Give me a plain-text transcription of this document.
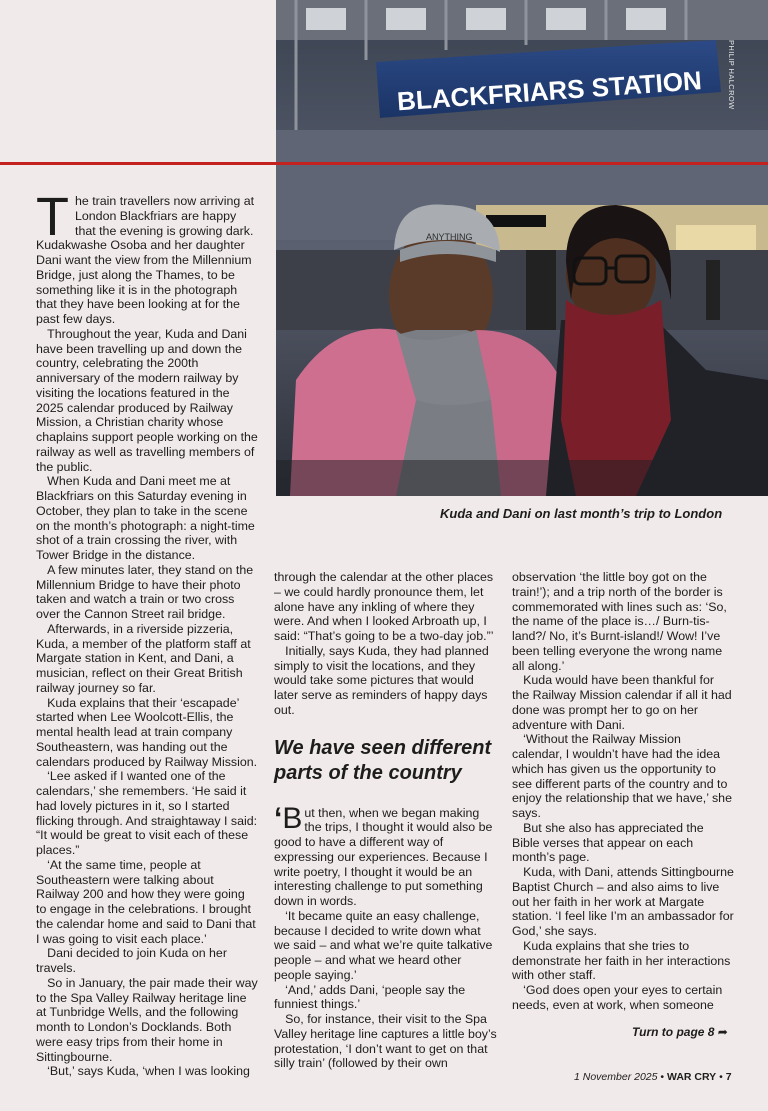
BLACKFRIARS STATION
ANYTHING
PHILIP HALCROW
Kuda and Dani on last month’s trip to London

The train travellers now arriving at London Blackfriars are happy that the evening is growing dark. Kudakwashe Osoba and her daughter Dani want the view from the Millennium Bridge, just along the Thames, to be something like it is in the photograph that they have been looking at for the past few days.

Throughout the year, Kuda and Dani have been travelling up and down the country, celebrating the 200th anniversary of the modern railway by visiting the locations featured in the 2025 calendar produced by Railway Mission, a Christian charity whose chaplains support people working on the railway as well as travelling members of the public.

When Kuda and Dani meet me at Blackfriars on this Saturday evening in October, they plan to take in the scene on the month’s photograph: a night-time shot of a train crossing the river, with Tower Bridge in the distance.

A few minutes later, they stand on the Millennium Bridge to have their photo taken and watch a train or two cross over the Cannon Street rail bridge.

Afterwards, in a riverside pizzeria, Kuda, a member of the platform staff at Margate station in Kent, and Dani, a musician, reflect on their Great British railway journey so far.

Kuda explains that their ‘escapade’ started when Lee Woolcott-Ellis, the mental health lead at train company Southeastern, was handing out the calendars produced by Railway Mission.

‘Lee asked if I wanted one of the calendars,’ she remembers. ‘He said it had lovely pictures in it, so I started flicking through. And straightaway I said: “It would be great to visit each of these places.”

‘At the same time, people at Southeastern were talking about Railway 200 and how they were going to engage in the celebrations. I brought the calendar home and said to Dani that I was going to visit each place.’

Dani decided to join Kuda on her travels.

So in January, the pair made their way to the Spa Valley Railway heritage line at Tunbridge Wells, and the following month to London’s Docklands. Both were easy trips from their home in Sittingbourne.

‘But,’ says Kuda, ‘when I was looking

through the calendar at the other places – we could hardly pronounce them, let alone have any inkling of where they were. And when I looked Arbroath up, I said: “That’s going to be a two-day job.”’

Initially, says Kuda, they had planned simply to visit the locations, and they would take some pictures that would later serve as reminders of happy days out.

We have seen different parts of the country

‘B ut then, when we began making the trips, I thought it would also be good to have a different way of expressing our experiences. Because I write poetry, I thought it would be an interesting challenge to put something down in words.

‘It became quite an easy challenge, because I decided to write down what we said – and what we’re quite talkative people – and what we heard other people saying.’

‘And,’ adds Dani, ‘people say the funniest things.’

So, for instance, their visit to the Spa Valley heritage line captures a little boy’s protestation, ‘I don’t want to get on that silly train’ (followed by their own

observation ‘the little boy got on the train!’); and a trip north of the border is commemorated with lines such as: ‘So, the name of the place is…/ Burn-tis-land?/ No, it’s Burnt-island!/ Wow! I’ve been telling everyone the wrong name all along.’

Kuda would have been thankful for the Railway Mission calendar if all it had done was prompt her to go on her adventure with Dani.

‘Without the Railway Mission calendar, I wouldn’t have had the idea which has given us the opportunity to see different parts of the country and to enjoy the relationship that we have,’ she says.

But she also has appreciated the Bible verses that appear on each month’s page.

Kuda, with Dani, attends Sittingbourne Baptist Church – and also aims to live out her faith in her work at Margate station. ‘I feel like I’m an ambassador for God,’ she says.

Kuda explains that she tries to demonstrate her faith in her interactions with other staff.

‘God does open your eyes to certain needs, even at work, when someone

Turn to page 8 ➦
1 November 2025 • WAR CRY • 7
